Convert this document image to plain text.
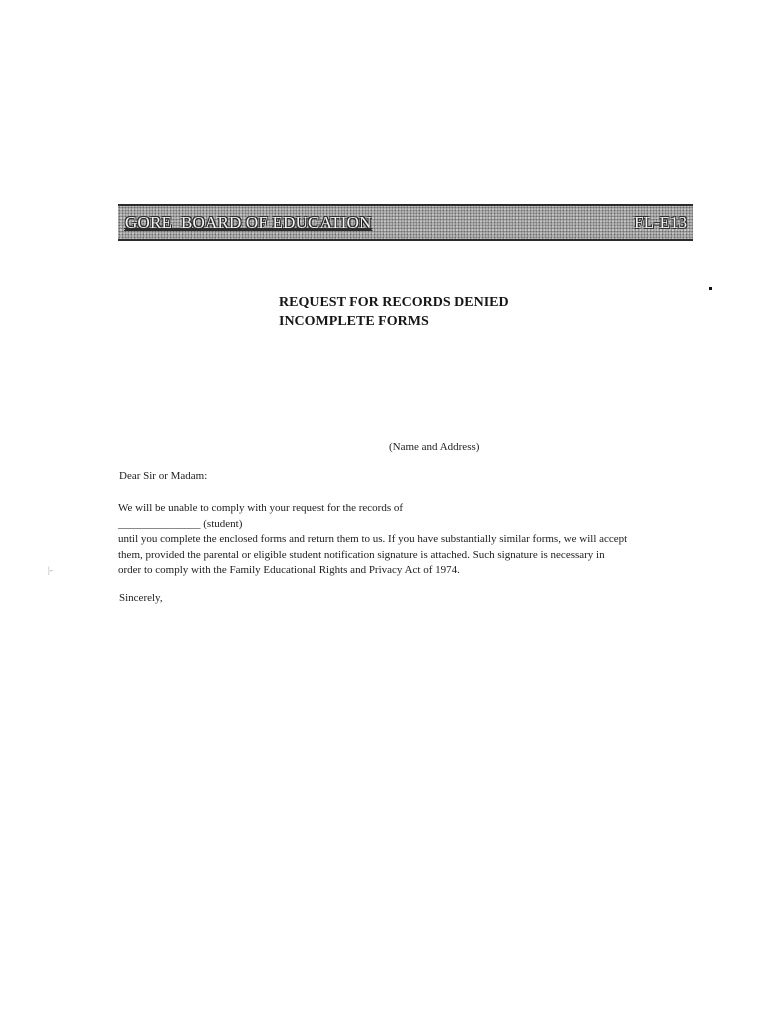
GORE  BOARD OF EDUCATION	FL-E13
|-
REQUEST FOR RECORDS DENIED
INCOMPLETE FORMS
(Name and Address)
Dear Sir or Madam:
We will be unable to comply with your request for the records of
_______________ (student)
until you complete the enclosed forms and return them to us. If you have substantially similar forms, we will accept
them, provided the parental or eligible student notification signature is attached. Such signature is necessary in
order to comply with the Family Educational Rights and Privacy Act of 1974.
Sincerely,
